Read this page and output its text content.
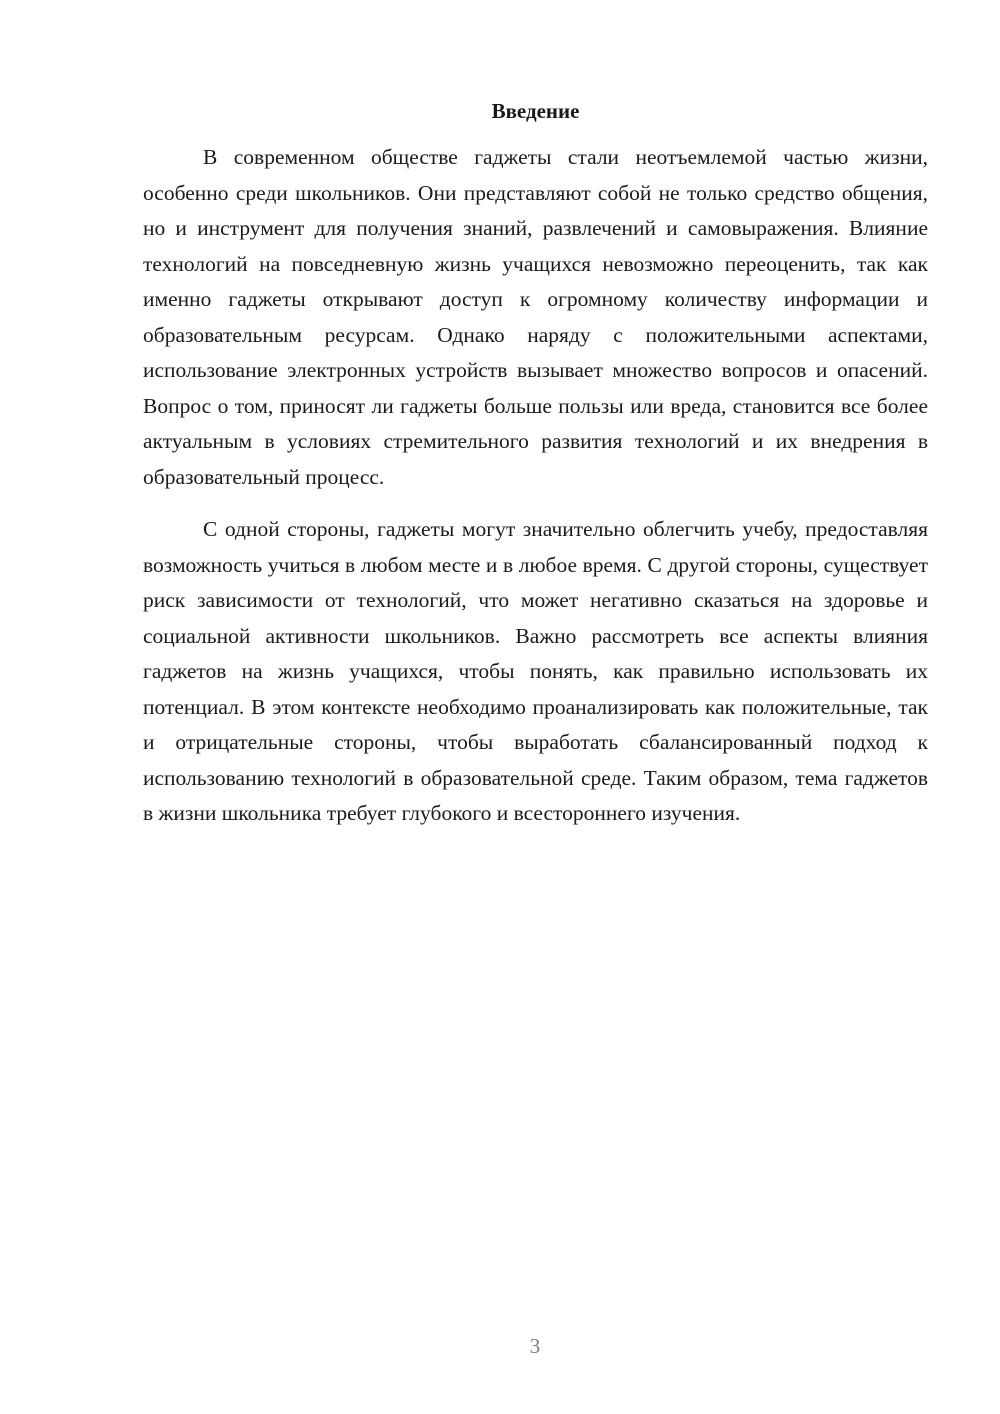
Введение

В современном обществе гаджеты стали неотъемлемой частью жизни, особенно среди школьников. Они представляют собой не только средство общения, но и инструмент для получения знаний, развлечений и самовыражения. Влияние технологий на повседневную жизнь учащихся невозможно переоценить, так как именно гаджеты открывают доступ к огромному количеству информации и образовательным ресурсам. Однако наряду с положительными аспектами, использование электронных устройств вызывает множество вопросов и опасений. Вопрос о том, приносят ли гаджеты больше пользы или вреда, становится все более актуальным в условиях стремительного развития технологий и их внедрения в образовательный процесс.

С одной стороны, гаджеты могут значительно облегчить учебу, предоставляя возможность учиться в любом месте и в любое время. С другой стороны, существует риск зависимости от технологий, что может негативно сказаться на здоровье и социальной активности школьников. Важно рассмотреть все аспекты влияния гаджетов на жизнь учащихся, чтобы понять, как правильно использовать их потенциал. В этом контексте необходимо проанализировать как положительные, так и отрицательные стороны, чтобы выработать сбалансированный подход к использованию технологий в образовательной среде. Таким образом, тема гаджетов в жизни школьника требует глубокого и всестороннего изучения.

3
